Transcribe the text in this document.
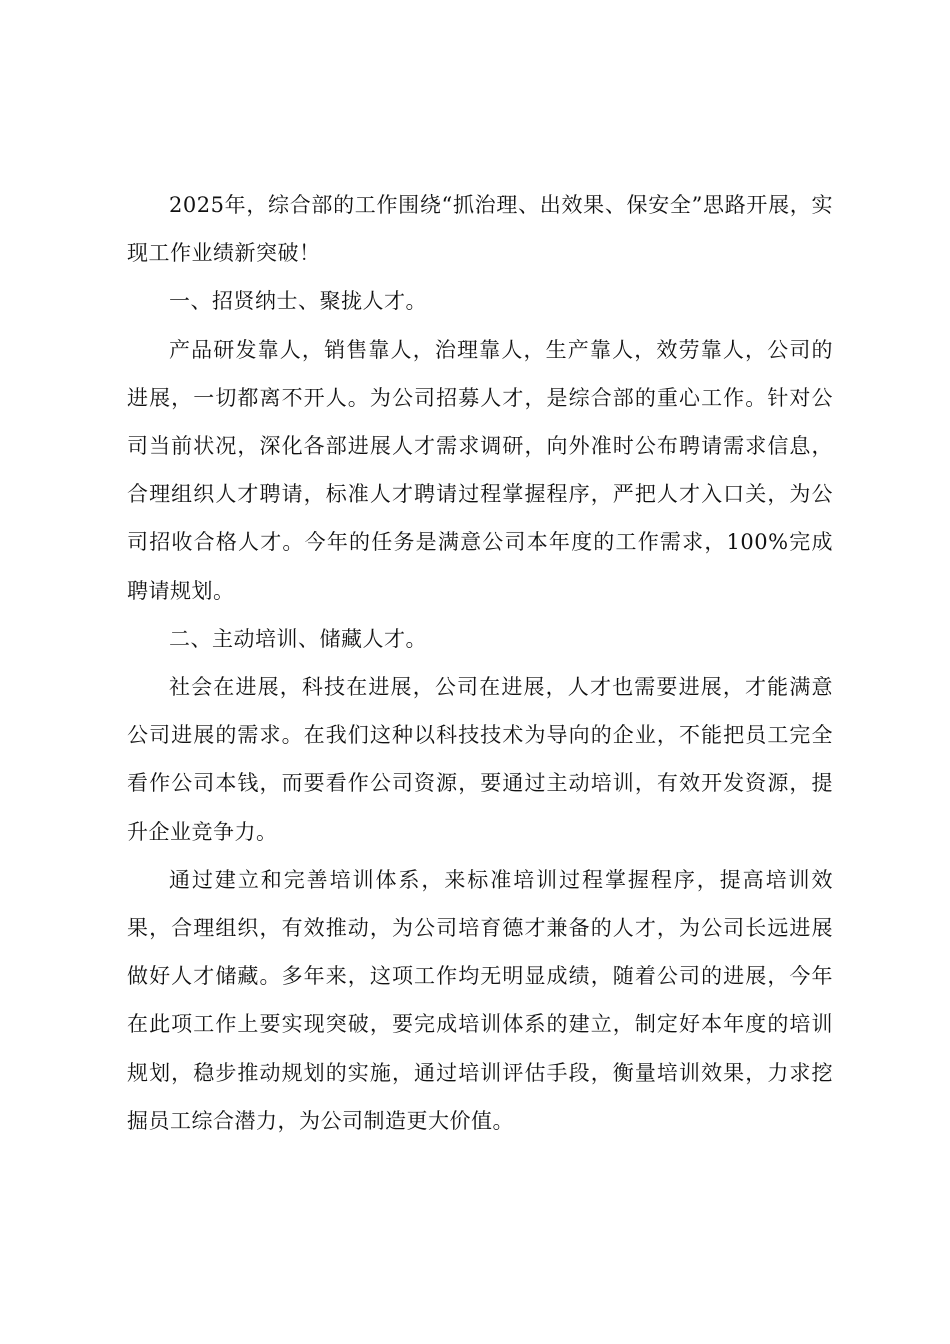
2025年，综合部的工作围绕“抓治理、出效果、保安全”思路开展，实现工作业绩新突破！

一、招贤纳士、聚拢人才。

产品研发靠人，销售靠人，治理靠人，生产靠人，效劳靠人，公司的进展，一切都离不开人。为公司招募人才，是综合部的重心工作。针对公司当前状况，深化各部进展人才需求调研，向外准时公布聘请需求信息，合理组织人才聘请，标准人才聘请过程掌握程序，严把人才入口关，为公司招收合格人才。今年的任务是满意公司本年度的工作需求，100%完成聘请规划。

二、主动培训、储藏人才。

社会在进展，科技在进展，公司在进展，人才也需要进展，才能满意公司进展的需求。在我们这种以科技技术为导向的企业，不能把员工完全看作公司本钱，而要看作公司资源，要通过主动培训，有效开发资源，提升企业竞争力。

通过建立和完善培训体系，来标准培训过程掌握程序，提高培训效果，合理组织，有效推动，为公司培育德才兼备的人才，为公司长远进展做好人才储藏。多年来，这项工作均无明显成绩，随着公司的进展，今年在此项工作上要实现突破，要完成培训体系的建立，制定好本年度的培训规划，稳步推动规划的实施，通过培训评估手段，衡量培训效果，力求挖掘员工综合潜力，为公司制造更大价值。
